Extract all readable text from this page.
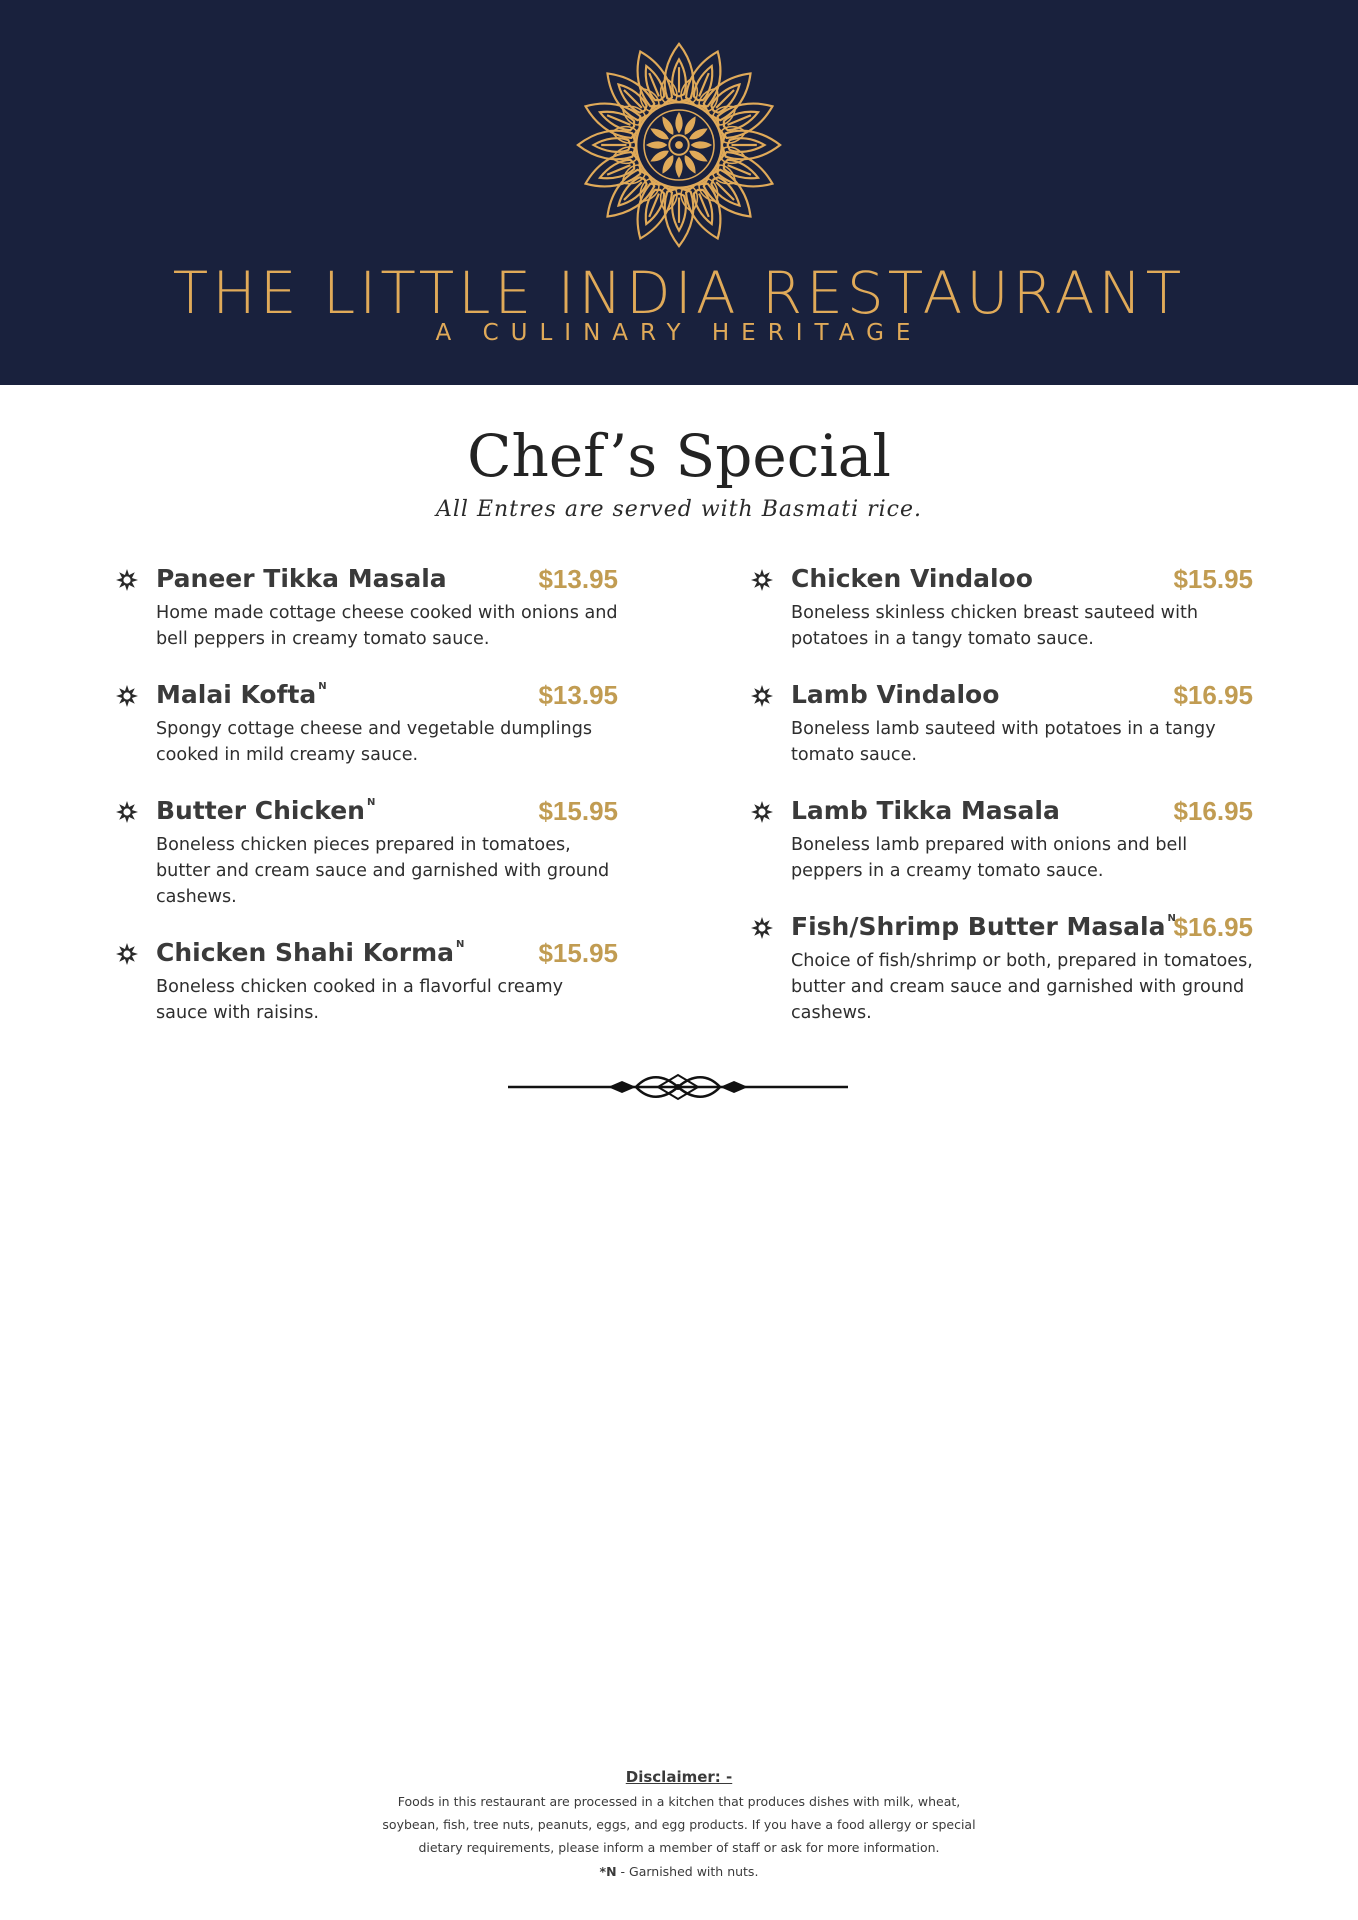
THE LITTLE INDIA RESTAURANT
A CULINARY HERITAGE
Chef’s Special
All Entres are served with Basmati rice.
Paneer Tikka Masala	$13.95
Home made cottage cheese cooked with onions and bell peppers in creamy tomato sauce.
Malai Kofta $^N$	$13.95
Spongy cottage cheese and vegetable dumplings cooked in mild creamy sauce.
Butter Chicken $^N$	$15.95
Boneless chicken pieces prepared in tomatoes, butter and cream sauce and garnished with ground cashews.
Chicken Shahi Korma $^N$	$15.95
Boneless chicken cooked in a flavorful creamy sauce with raisins.
Chicken Vindaloo	$15.95
Boneless skinless chicken breast sauteed with potatoes in a tangy tomato sauce.
Lamb Vindaloo	$16.95
Boneless lamb sauteed with potatoes in a tangy tomato sauce.
Lamb Tikka Masala	$16.95
Boneless lamb prepared with onions and bell peppers in a creamy tomato sauce.
Fish/Shrimp Butter Masala $^N$
$16.95
Choice of fish/shrimp or both, prepared in tomatoes, butter and cream sauce and garnished with ground cashews.
Disclaimer: -
Foods in this restaurant are processed in a kitchen that produces dishes with milk, wheat, soybean, fish, tree nuts, peanuts, eggs, and egg products. If you have a food allergy or special dietary requirements, please inform a member of staff or ask for more information.
*N - Garnished with nuts.
